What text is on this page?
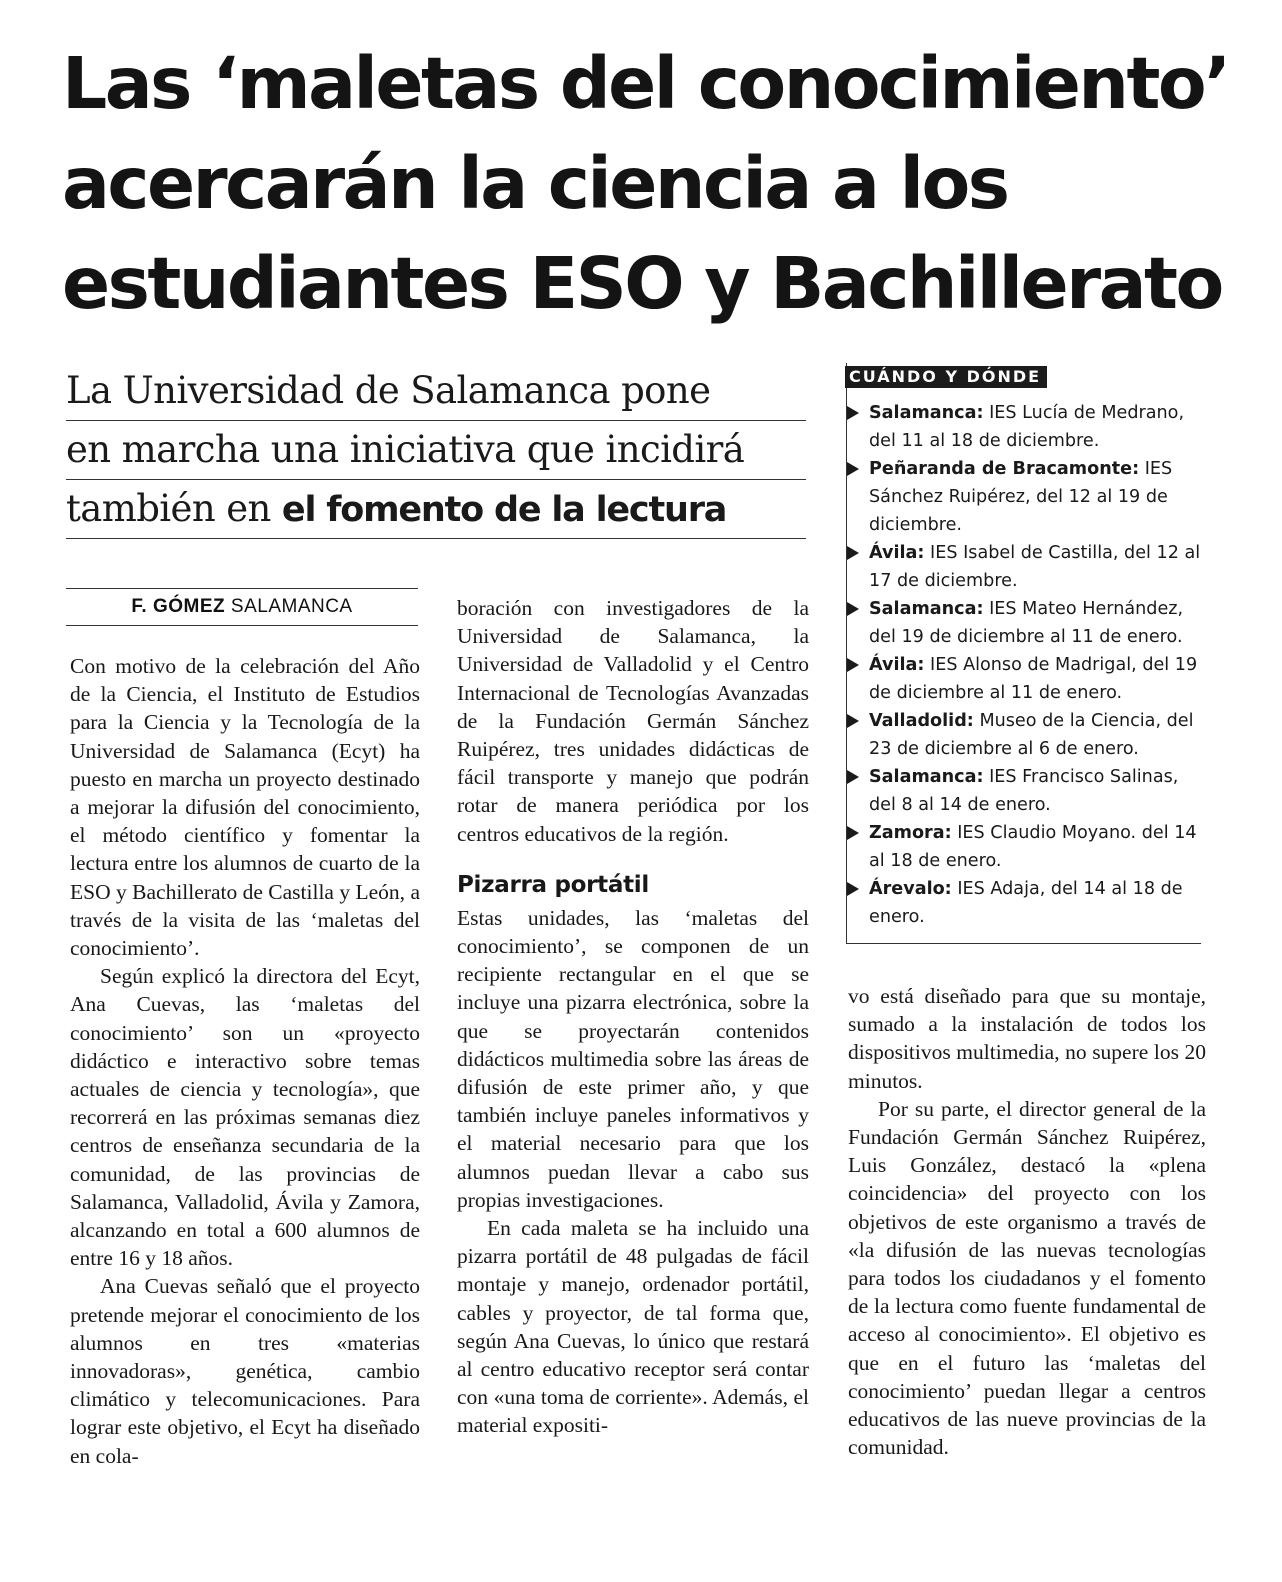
Las ‘maletas del conocimiento’
acercarán la ciencia a los
estudiantes ESO y Bachillerato
La Universidad de Salamanca pone
en marcha una iniciativa que incidirá
también en el fomento de la lectura
F. GÓMEZ SALAMANCA

Con motivo de la celebración del Año de la Ciencia, el Instituto de Estudios para la Ciencia y la Tecnología de la Universidad de Salamanca (Ecyt) ha puesto en marcha un proyecto destinado a mejorar la difusión del conocimiento, el método científico y fomentar la lectura entre los alumnos de cuarto de la ESO y Bachillerato de Castilla y León, a través de la visita de las ‘maletas del conocimiento’.

Según explicó la directora del Ecyt, Ana Cuevas, las ‘maletas del conocimiento’ son un «proyecto didáctico e interactivo sobre temas actuales de ciencia y tecnología», que recorrerá en las próximas semanas diez centros de enseñanza secundaria de la comunidad, de las provincias de Salamanca, Valladolid, Ávila y Zamora, alcanzando en total a 600 alumnos de entre 16 y 18 años.

Ana Cuevas señaló que el proyecto pretende mejorar el conocimiento de los alumnos en tres «materias innovadoras», genética, cambio climático y telecomunicaciones. Para lograr este objetivo, el Ecyt ha diseñado en cola-

boración con investigadores de la Universidad de Salamanca, la Universidad de Valladolid y el Centro Internacional de Tecnologías Avanzadas de la Fundación Germán Sánchez Ruipérez, tres unidades didácticas de fácil transporte y manejo que podrán rotar de manera periódica por los centros educativos de la región.

Pizarra portátil

Estas unidades, las ‘maletas del conocimiento’, se componen de un recipiente rectangular en el que se incluye una pizarra electrónica, sobre la que se proyectarán contenidos didácticos multimedia sobre las áreas de difusión de este primer año, y que también incluye paneles informativos y el material necesario para que los alumnos puedan llevar a cabo sus propias investigaciones.

En cada maleta se ha incluido una pizarra portátil de 48 pulgadas de fácil montaje y manejo, ordenador portátil, cables y proyector, de tal forma que, según Ana Cuevas, lo único que restará al centro educativo receptor será contar con «una toma de corriente». Además, el material expositi-

CUÁNDO Y DÓNDE
Salamanca: IES Lucía de Medrano, del 11 al 18 de diciembre.
Peñaranda de Bracamonte: IES Sánchez Ruipérez, del 12 al 19 de diciembre.
Ávila: IES Isabel de Castilla, del 12 al 17 de diciembre.
Salamanca: IES Mateo Hernández, del 19 de diciembre al 11 de enero.
Ávila: IES Alonso de Madrigal, del 19 de diciembre al 11 de enero.
Valladolid: Museo de la Ciencia, del 23 de diciembre al 6 de enero.
Salamanca: IES Francisco Salinas, del 8 al 14 de enero.
Zamora: IES Claudio Moyano. del 14 al 18 de enero.
Árevalo: IES Adaja, del 14 al 18 de enero.

vo está diseñado para que su montaje, sumado a la instalación de todos los dispositivos multimedia, no supere los 20 minutos.

Por su parte, el director general de la Fundación Germán Sánchez Ruipérez, Luis González, destacó la «plena coincidencia» del proyecto con los objetivos de este organismo a través de «la difusión de las nuevas tecnologías para todos los ciudadanos y el fomento de la lectura como fuente fundamental de acceso al conocimiento». El objetivo es que en el futuro las ‘maletas del conocimiento’ puedan llegar a centros educativos de las nueve provincias de la comunidad.
